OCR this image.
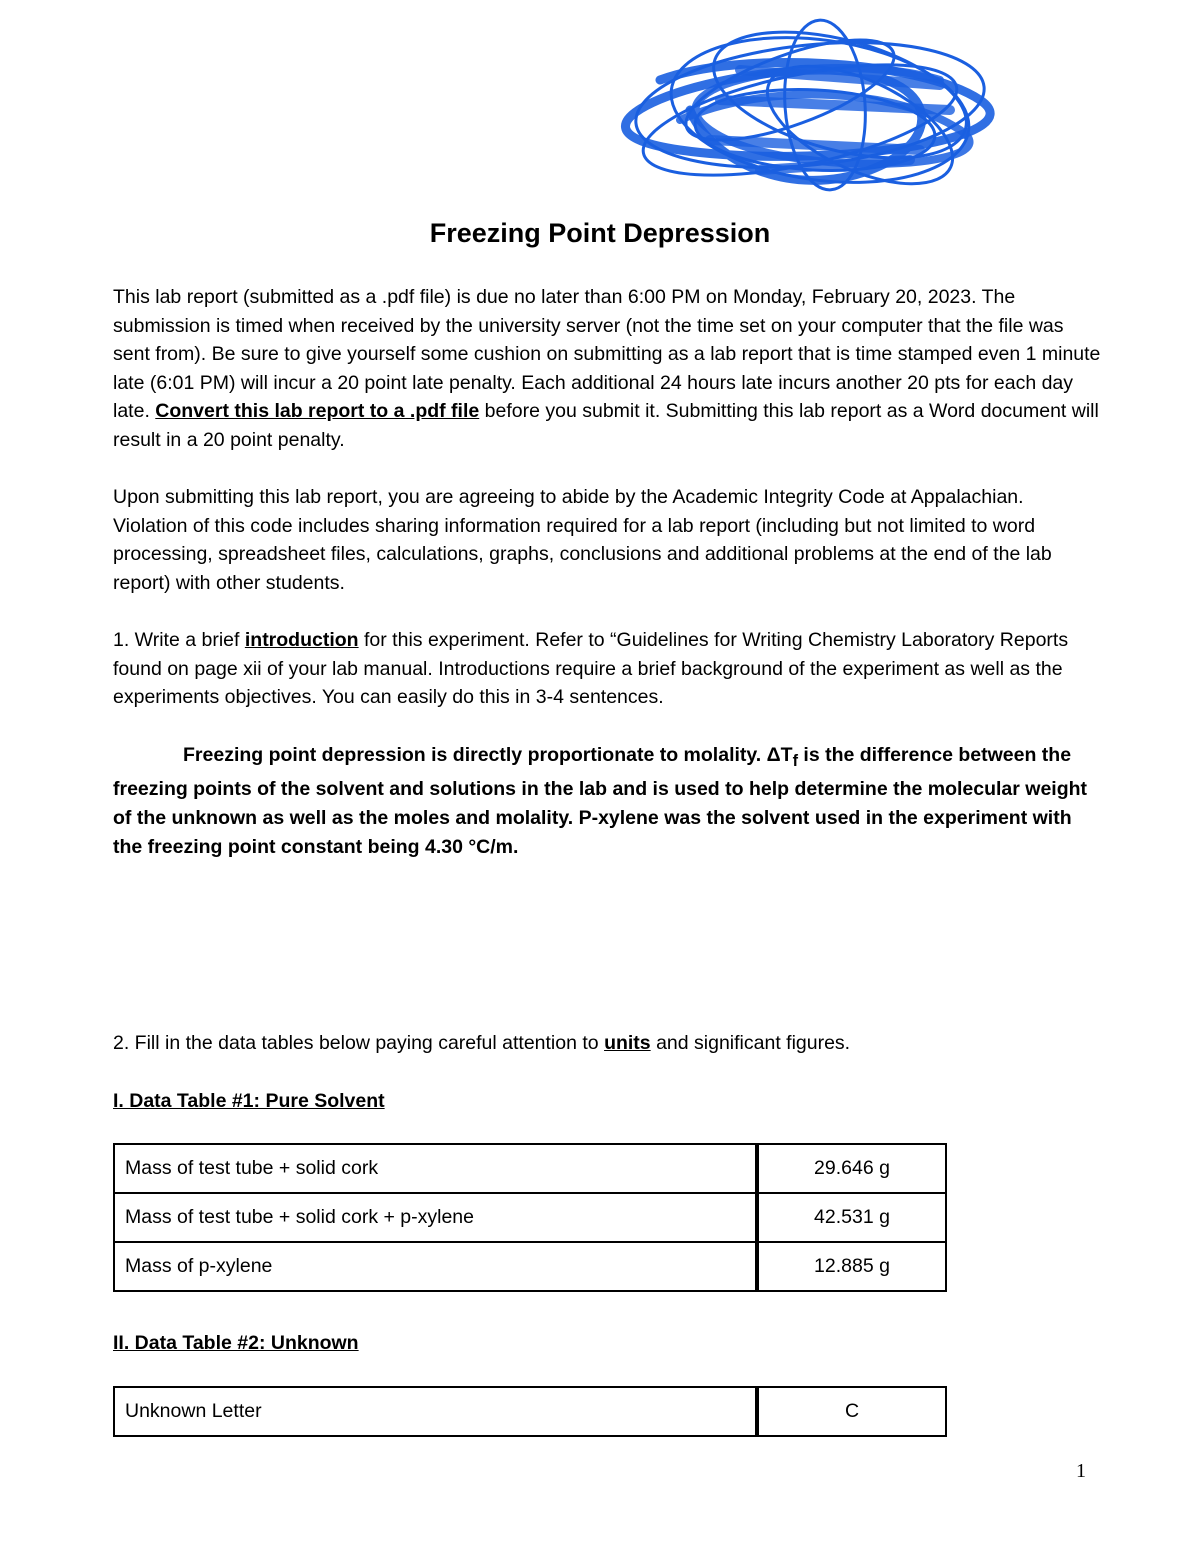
Freezing Point Depression

This lab report (submitted as a .pdf file) is due no later than 6:00 PM on Monday, February 20, 2023. The submission is timed when received by the university server (not the time set on your computer that the file was sent from). Be sure to give yourself some cushion on submitting as a lab report that is time stamped even 1 minute late (6:01 PM) will incur a 20 point late penalty. Each additional 24 hours late incurs another 20 pts for each day late. Convert this lab report to a .pdf file before you submit it. Submitting this lab report as a Word document will result in a 20 point penalty.

Upon submitting this lab report, you are agreeing to abide by the Academic Integrity Code at Appalachian. Violation of this code includes sharing information required for a lab report (including but not limited to word processing, spreadsheet files, calculations, graphs, conclusions and additional problems at the end of the lab report) with other students.

1. Write a brief introduction for this experiment. Refer to “Guidelines for Writing Chemistry Laboratory Reports found on page xii of your lab manual. Introductions require a brief background of the experiment as well as the experiments objectives. You can easily do this in 3-4 sentences.

Freezing point depression is directly proportionate to molality. $\Delta T_f$ is the difference between the freezing points of the solvent and solutions in the lab and is used to help determine the molecular weight of the unknown as well as the moles and molality. P-xylene was the solvent used in the experiment with the freezing point constant being 4.30 °C/m.

2. Fill in the data tables below paying careful attention to units and significant figures.

I. Data Table #1: Pure Solvent

Mass of test tube + solid cork	29.646 g
Mass of test tube + solid cork + p-xylene	42.531 g
Mass of p-xylene	12.885 g

II. Data Table #2: Unknown

Unknown Letter	C
1
